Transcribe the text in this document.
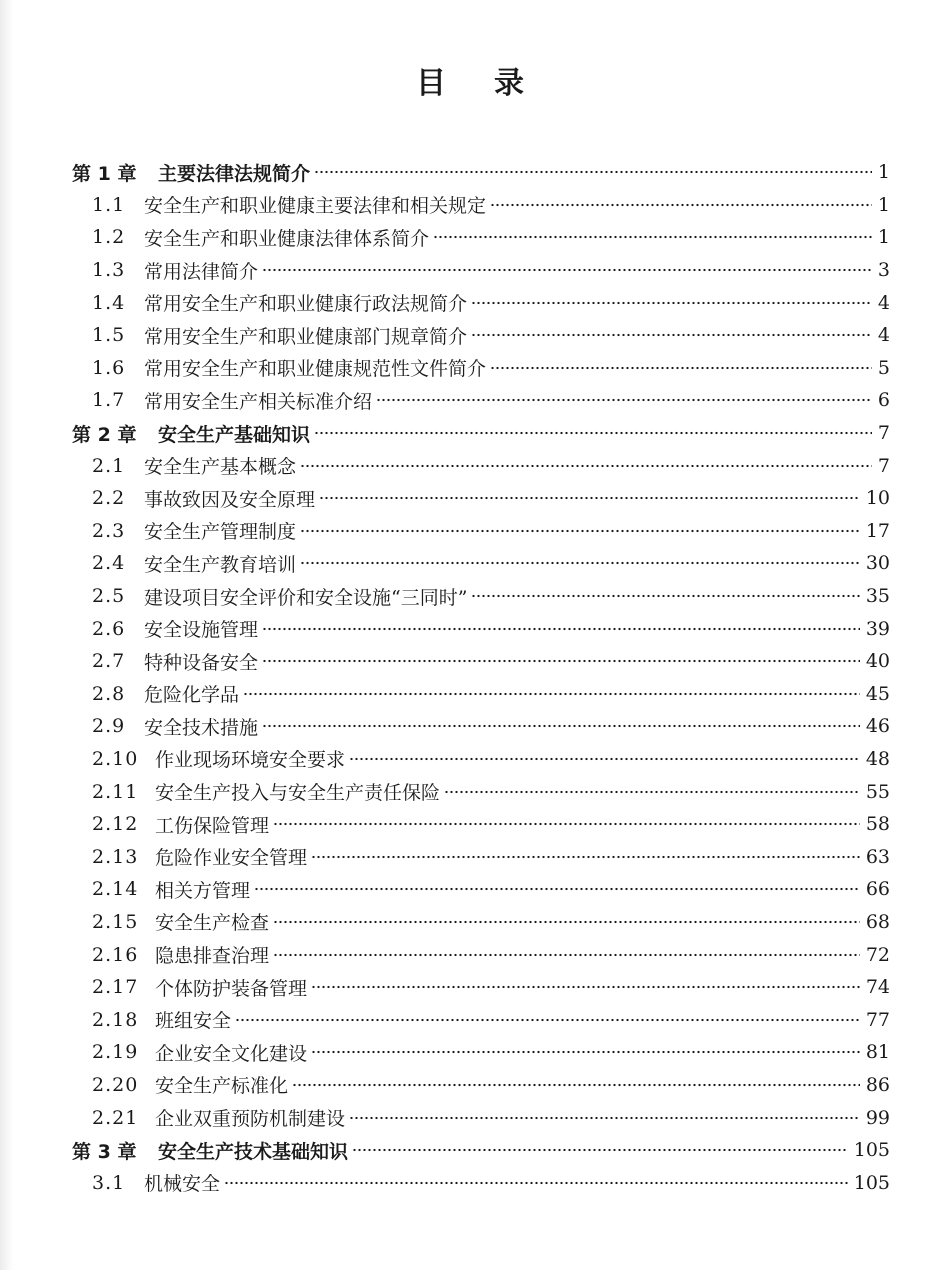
目 录
第 1 章	主要法律法规简介	1
1.1 安全生产和职业健康主要法律和相关规定	1
1.2 安全生产和职业健康法律体系简介	1
1.3 常用法律简介	3
1.4 常用安全生产和职业健康行政法规简介	4
1.5 常用安全生产和职业健康部门规章简介	4
1.6 常用安全生产和职业健康规范性文件简介	5
1.7 常用安全生产相关标准介绍	6
第 2 章	安全生产基础知识	7
2.1 安全生产基本概念	7
2.2 事故致因及安全原理	10
2.3 安全生产管理制度	17
2.4 安全生产教育培训	30
2.5 建设项目安全评价和安全设施“三同时”	35
2.6 安全设施管理	39
2.7 特种设备安全	40
2.8 危险化学品	45
2.9 安全技术措施	46
2.10 作业现场环境安全要求	48
2.11 安全生产投入与安全生产责任保险	55
2.12 工伤保险管理	58
2.13 危险作业安全管理	63
2.14 相关方管理	66
2.15 安全生产检查	68
2.16 隐患排查治理	72
2.17 个体防护装备管理	74
2.18 班组安全	77
2.19 企业安全文化建设	81
2.20 安全生产标准化	86
2.21 企业双重预防机制建设	99
第 3 章	安全生产技术基础知识	105
3.1 机械安全	105
